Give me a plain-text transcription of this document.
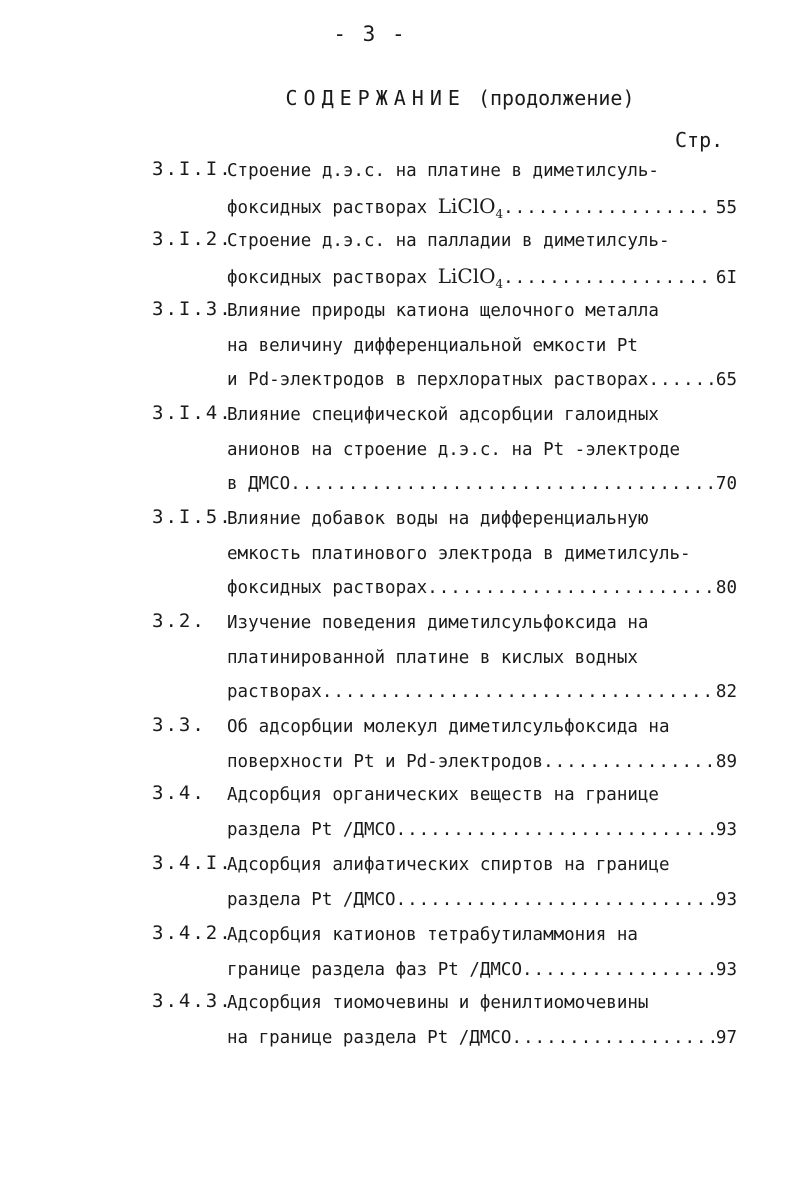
- 3 -
СОДЕРЖАНИЕ (продолжение)
Стр.
3.I.I.
Строение д.э.с. на платине в диметилсуль-
фоксидных растворах LiClO$_4$ .....	55
3.I.2.
Строение д.э.с. на палладии в диметилсуль-
фоксидных растворах LiClO$_4$ .....	6I
3.I.3.
Влияние природы катиона щелочного металла
на величину дифференциальной емкости Pt
и Pd-электродов в перхлоратных растворах .....	65
3.I.4.
Влияние специфической адсорбции галоидных
анионов на строение д.э.с. на Pt -электроде
в ДМСО .....	70
3.I.5.
Влияние добавок воды на дифференциальную
емкость платинового электрода в диметилсуль-
фоксидных растворах .....	80
3.2. Изучение поведения диметилсульфоксида на
платинированной платине в кислых водных
растворах .....	82
3.3. Об адсорбции молекул диметилсульфоксида на
поверхности Pt и Pd-электродов .....	89
3.4. Адсорбция органических веществ на границе
раздела Pt /ДМСО .....	93
3.4.I.
Адсорбция алифатических спиртов на границе
раздела Pt /ДМСО .....	93
3.4.2.
Адсорбция катионов тетрабутиламмония на
границе раздела фаз Pt /ДМСО .....	93
3.4.3.
Адсорбция тиомочевины и фенилтиомочевины
на границе раздела Pt /ДМСО .....	97
